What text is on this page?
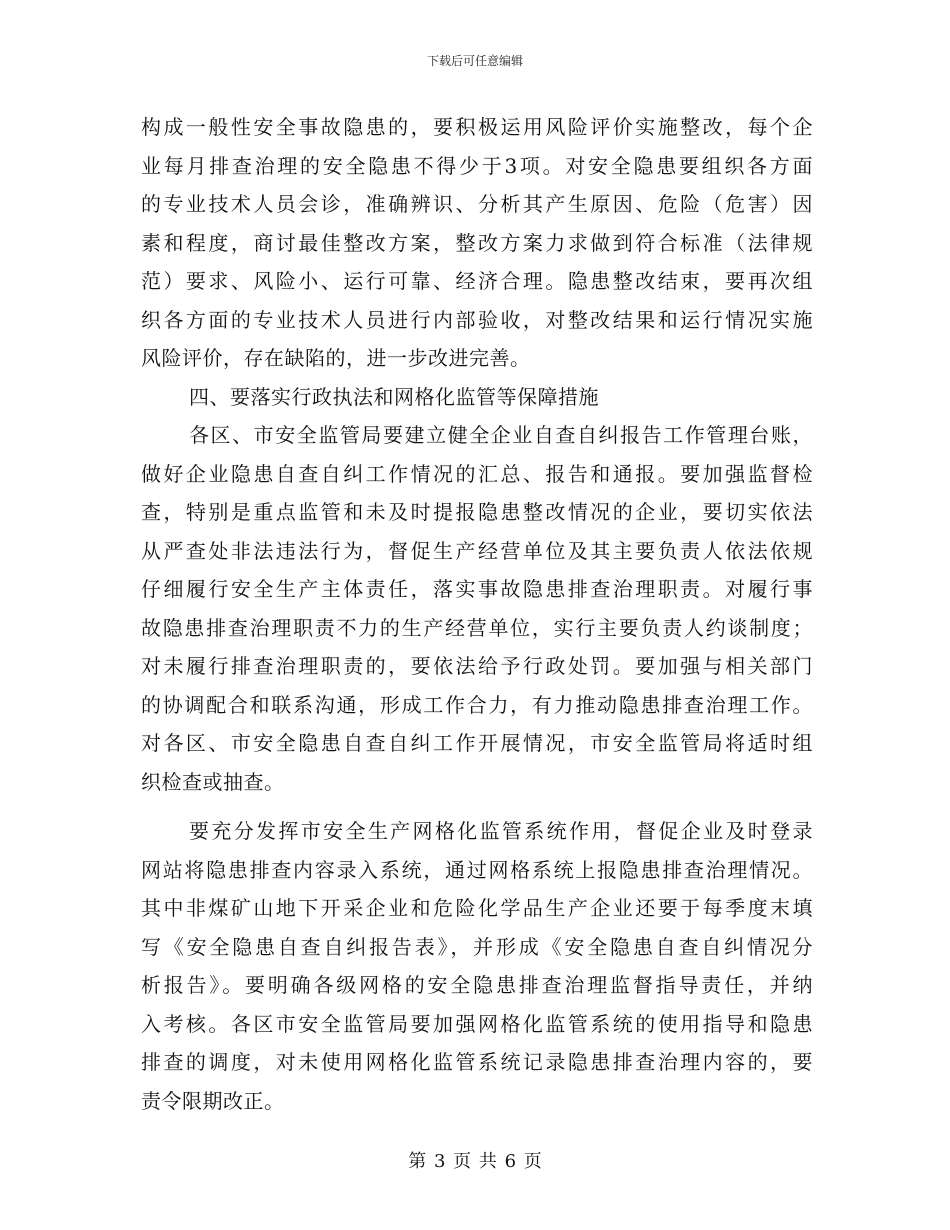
下载后可任意编辑
构成一般性安全事故隐患的，要积极运用风险评价实施整改，每个企
业每月排查治理的安全隐患不得少于3项。对安全隐患要组织各方面
的专业技术人员会诊，准确辨识、分析其产生原因、危险（危害）因
素和程度，商讨最佳整改方案，整改方案力求做到符合标准（法律规
范）要求、风险小、运行可靠、经济合理。隐患整改结束，要再次组
织各方面的专业技术人员进行内部验收，对整改结果和运行情况实施
风险评价，存在缺陷的，进一步改进完善。
四、要落实行政执法和网格化监管等保障措施
各区、市安全监管局要建立健全企业自查自纠报告工作管理台账，
做好企业隐患自查自纠工作情况的汇总、报告和通报。要加强监督检
查，特别是重点监管和未及时提报隐患整改情况的企业，要切实依法
从严查处非法违法行为，督促生产经营单位及其主要负责人依法依规
仔细履行安全生产主体责任，落实事故隐患排查治理职责。对履行事
故隐患排查治理职责不力的生产经营单位，实行主要负责人约谈制度；
对未履行排查治理职责的，要依法给予行政处罚。要加强与相关部门
的协调配合和联系沟通，形成工作合力，有力推动隐患排查治理工作。
对各区、市安全隐患自查自纠工作开展情况，市安全监管局将适时组
织检查或抽查。
要充分发挥市安全生产网格化监管系统作用，督促企业及时登录
网站将隐患排查内容录入系统，通过网格系统上报隐患排查治理情况。
其中非煤矿山地下开采企业和危险化学品生产企业还要于每季度末填
写《安全隐患自查自纠报告表》，并形成《安全隐患自查自纠情况分
析报告》。要明确各级网格的安全隐患排查治理监督指导责任，并纳
入考核。各区市安全监管局要加强网格化监管系统的使用指导和隐患
排查的调度，对未使用网格化监管系统记录隐患排查治理内容的，要
责令限期改正。
第 3 页 共 6 页
